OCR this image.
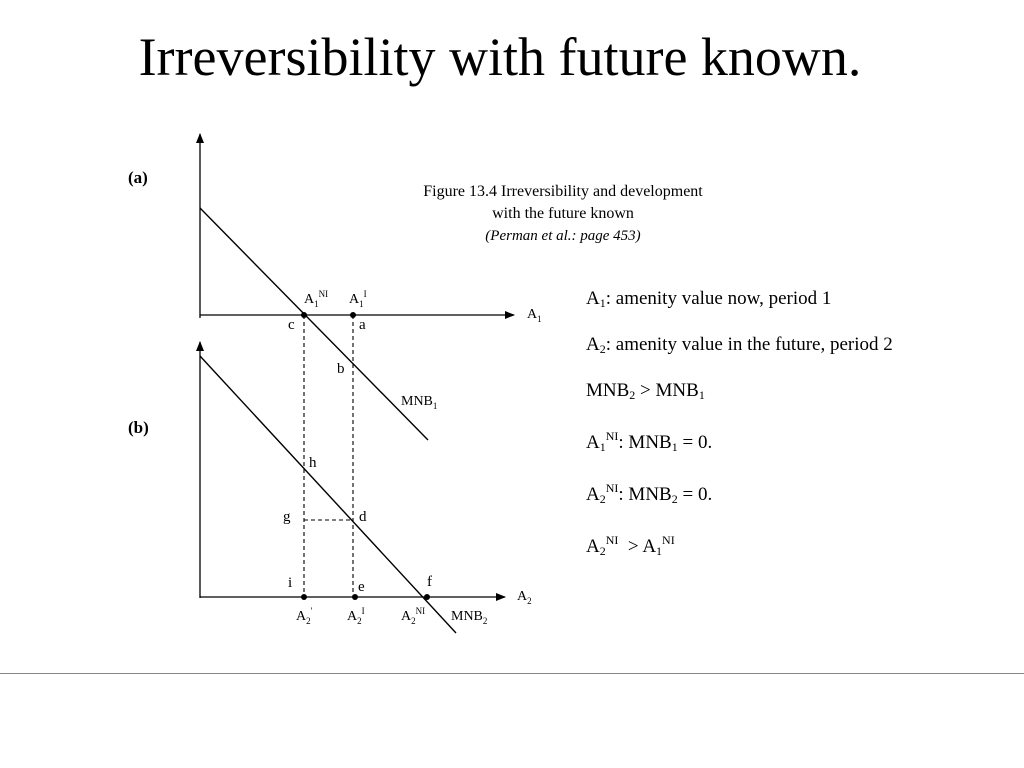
Irreversibility with future known.
(a)
(b)
$A_1$
$A_2$
$MNB_1$
$MNB_2$
$A_1^{NI}$ $A_1^I$
$A_2'$ $A_2^I$	$A_2^{NI}$
c	a
b
h
g	d
i	e	f
Figure 13.4 Irreversibility and development
with the future known
(Perman et al.: page 453)
$A_1$: amenity value now, period 1
$A_2$: amenity value in the future, period 2
$MNB_2 > MNB_1$
$A_1^{NI}$: $MNB_1 = 0$.
$A_2^{NI}$: $MNB_2 = 0$.
$A_2^{NI} > A_1^{NI}$
